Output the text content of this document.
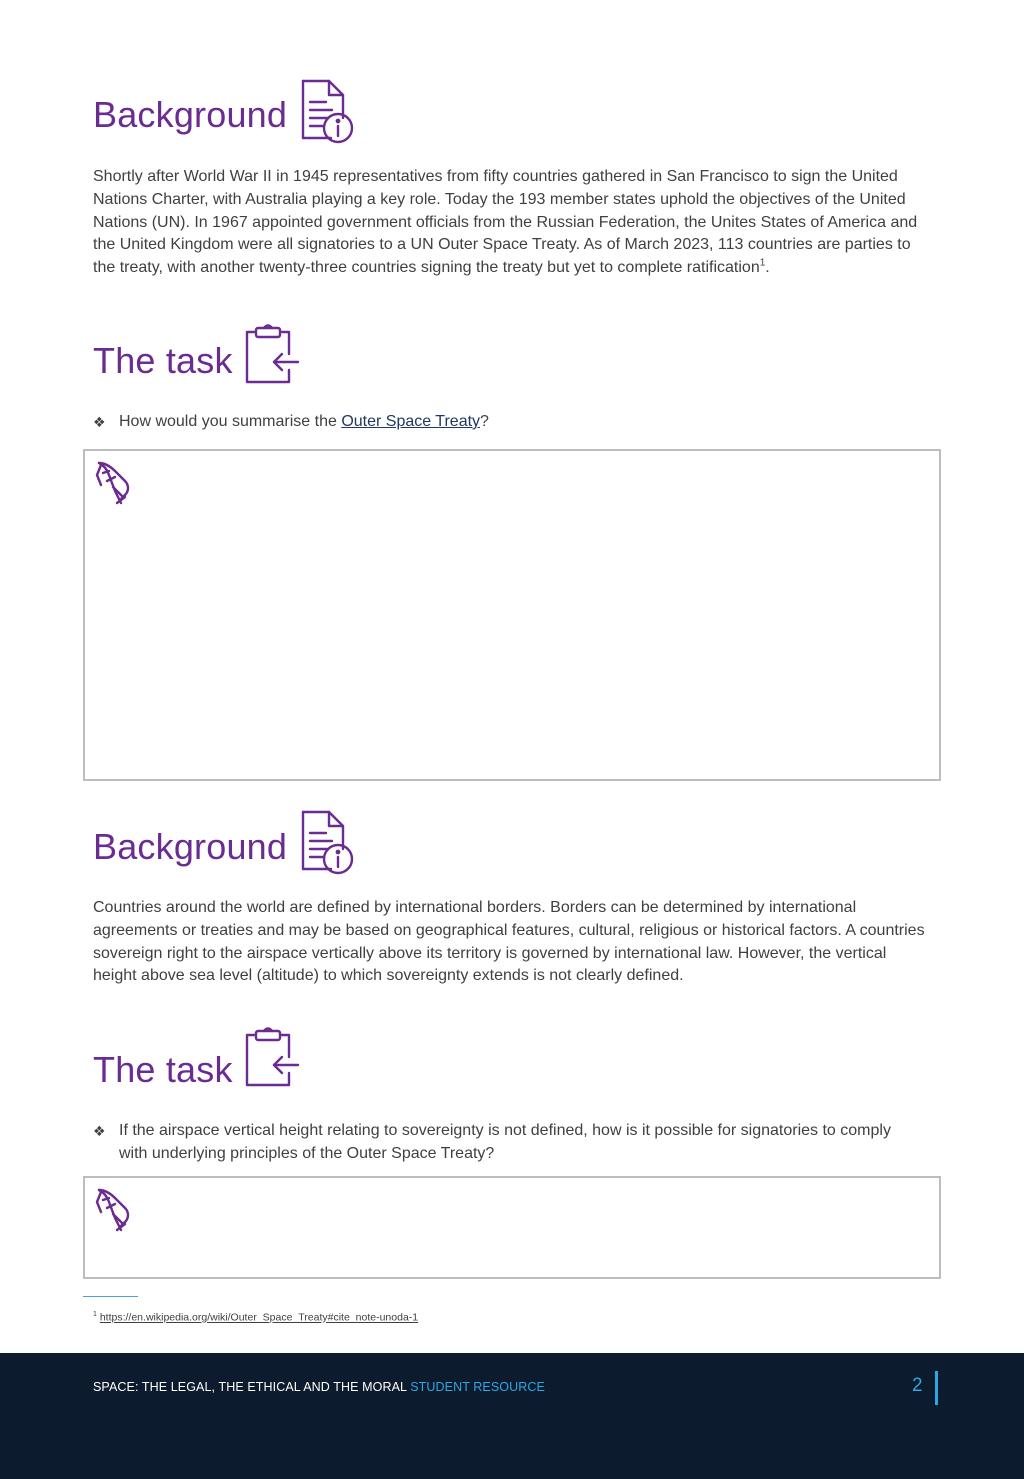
Background

Shortly after World War II in 1945 representatives from fifty countries gathered in San Francisco to sign the United Nations Charter, with Australia playing a key role. Today the 193 member states uphold the objectives of the United Nations (UN). In 1967 appointed government officials from the Russian Federation, the Unites States of America and the United Kingdom were all signatories to a UN Outer Space Treaty. As of March 2023, 113 countries are parties to the treaty, with another twenty-three countries signing the treaty but yet to complete ratification$^1$.

The task
❖ How would you summarise the Outer Space Treaty?
Background

Countries around the world are defined by international borders. Borders can be determined by international agreements or treaties and may be based on geographical features, cultural, religious or historical factors. A countries sovereign right to the airspace vertically above its territory is governed by international law. However, the vertical height above sea level (altitude) to which sovereignty extends is not clearly defined.

The task
❖ If the airspace vertical height relating to sovereignty is not defined, how is it possible for signatories to comply with underlying principles of the Outer Space Treaty?
$^1$ https://en.wikipedia.org/wiki/Outer_Space_Treaty#cite_note-unoda-1
SPACE: THE LEGAL, THE ETHICAL AND THE MORAL STUDENT RESOURCE	2
